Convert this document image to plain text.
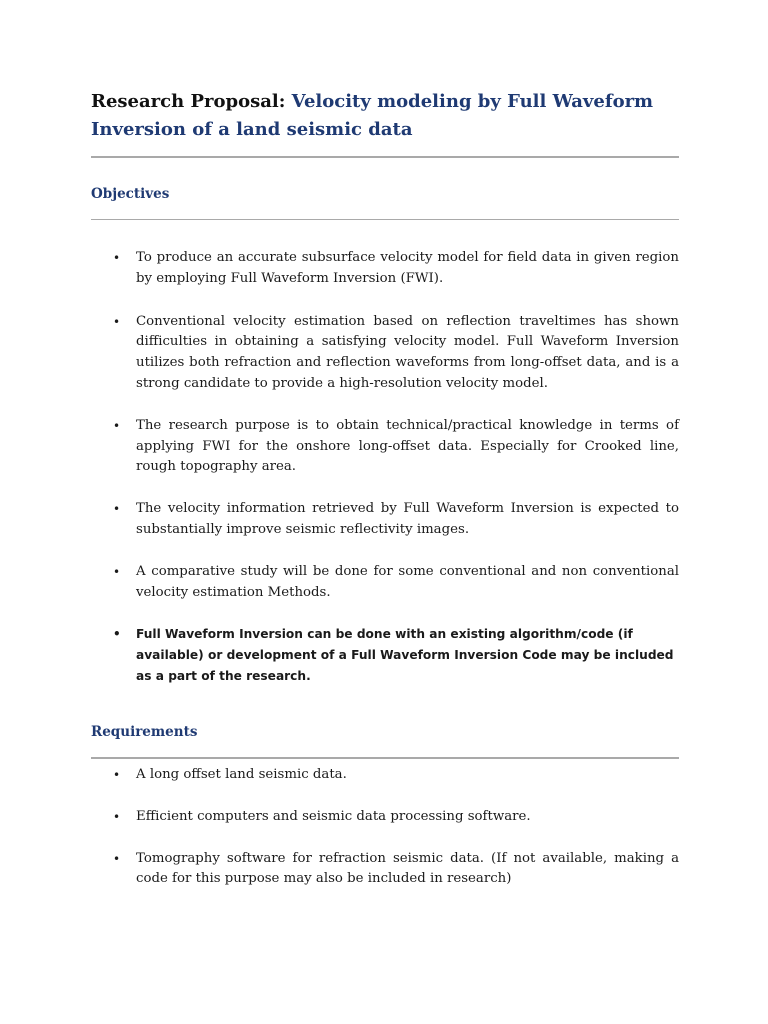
Research Proposal: Velocity modeling by Full Waveform Inversion of a land seismic data
Objectives
• To produce an accurate subsurface velocity model for field data in given region by employing Full Waveform Inversion (FWI).
• Conventional velocity estimation based on reflection traveltimes has shown difficulties in obtaining a satisfying velocity model. Full Waveform Inversion utilizes both refraction and reflection waveforms from long-offset data, and is a strong candidate to provide a high-resolution velocity model.
• The research purpose is to obtain technical/practical knowledge in terms of applying FWI for the onshore long-offset data. Especially for Crooked line, rough topography area.
• The velocity information retrieved by Full Waveform Inversion is expected to substantially improve seismic reflectivity images.
• A comparative study will be done for some conventional and non conventional velocity estimation Methods.
• Full Waveform Inversion can be done with an existing algorithm/code (if available) or development of a Full Waveform Inversion Code may be included as a part of the research.
Requirements
• A long offset land seismic data.
• Efficient computers and seismic data processing software.
• Tomography software for refraction seismic data. (If not available, making a code for this purpose may also be included in research)
